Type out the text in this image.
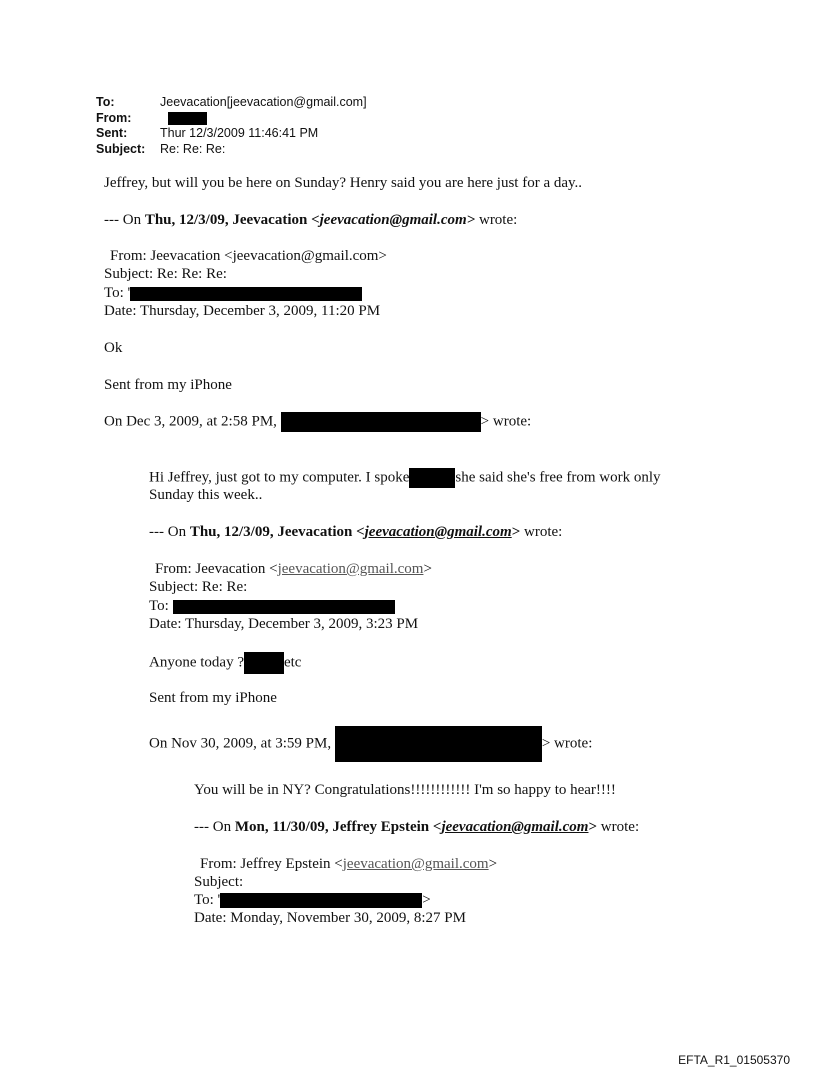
To:	Jeevacation[jeevacation@gmail.com]
From:
Sent:	Thur 12/3/2009 11:46:41 PM
Subject:	Re: Re: Re:
Jeffrey, but will you be here on Sunday? Henry said you are here just for a day..
--- On Thu, 12/3/09, Jeevacation <jeevacation@gmail.com> wrote:
From: Jeevacation <jeevacation@gmail.com>
Subject: Re: Re: Re:
To: '
Date: Thursday, December 3, 2009, 11:20 PM
Ok
Sent from my iPhone
On Dec 3, 2009, at 2:58 PM,	> wrote:
Hi Jeffrey, just got to my computer. I spoke	she said she's free from work only
Sunday this week..
--- On Thu, 12/3/09, Jeevacation <jeevacation@gmail.com> wrote:
From: Jeevacation <jeevacation@gmail.com>
Subject: Re: Re:
To:
Date: Thursday, December 3, 2009, 3:23 PM
Anyone today ?	etc
Sent from my iPhone
On Nov 30, 2009, at 3:59 PM,	> wrote:
You will be in NY? Congratulations!!!!!!!!!!!! I'm so happy to hear!!!!
--- On Mon, 11/30/09, Jeffrey Epstein <jeevacation@gmail.com> wrote:
From: Jeffrey Epstein <jeevacation@gmail.com>
Subject:
To: '	>
Date: Monday, November 30, 2009, 8:27 PM
EFTA_R1_01505370
